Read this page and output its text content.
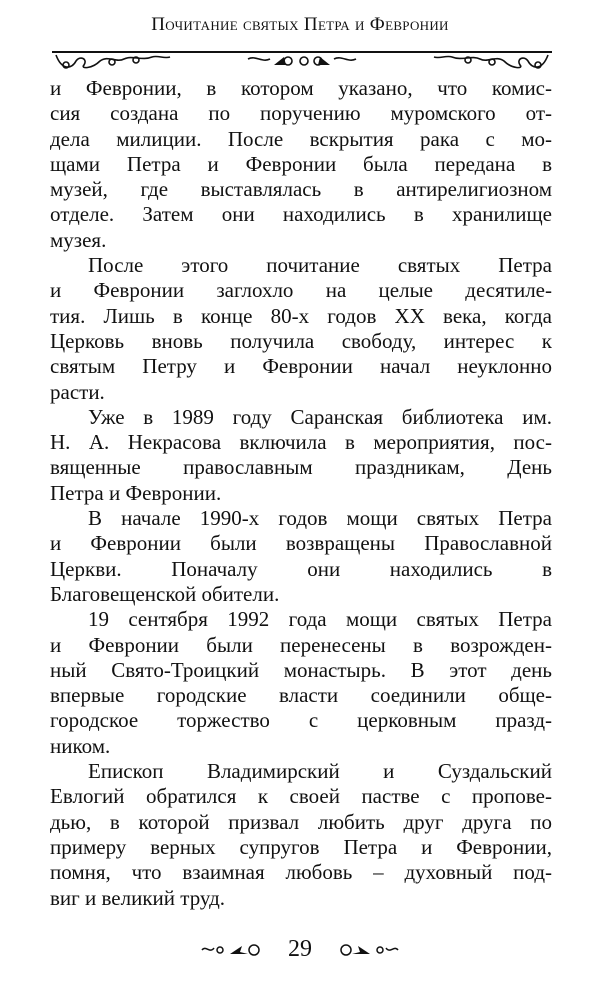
Почитание святых Петра и Февронии
и Февронии, в котором указано, что комис-
сия создана по поручению муромского от-
дела милиции. После вскрытия рака с мо-
щами Петра и Февронии была передана в
музей, где выставлялась в антирелигиозном
отделе. Затем они находились в хранилище
музея.
После этого почитание святых Петра
и Февронии заглохло на целые десятиле-
тия. Лишь в конце 80-х годов XX века, когда
Церковь вновь получила свободу, интерес к
святым Петру и Февронии начал неуклонно
расти.
Уже в 1989 году Саранская библиотека им.
Н. А. Некрасова включила в мероприятия, пос-
вященные православным праздникам, День
Петра и Февронии.
В начале 1990-х годов мощи святых Петра
и Февронии были возвращены Православной
Церкви. Поначалу они находились в
Благовещенской обители.
19 сентября 1992 года мощи святых Петра
и Февронии были перенесены в возрожден-
ный Свято-Троицкий монастырь. В этот день
впервые городские власти соединили обще-
городское торжество с церковным празд-
ником.
Епископ Владимирский и Суздальский
Евлогий обратился к своей пастве с пропове-
дью, в которой призвал любить друг друга по
примеру верных супругов Петра и Февронии,
помня, что взаимная любовь – духовный под-
виг и великий труд.
29
